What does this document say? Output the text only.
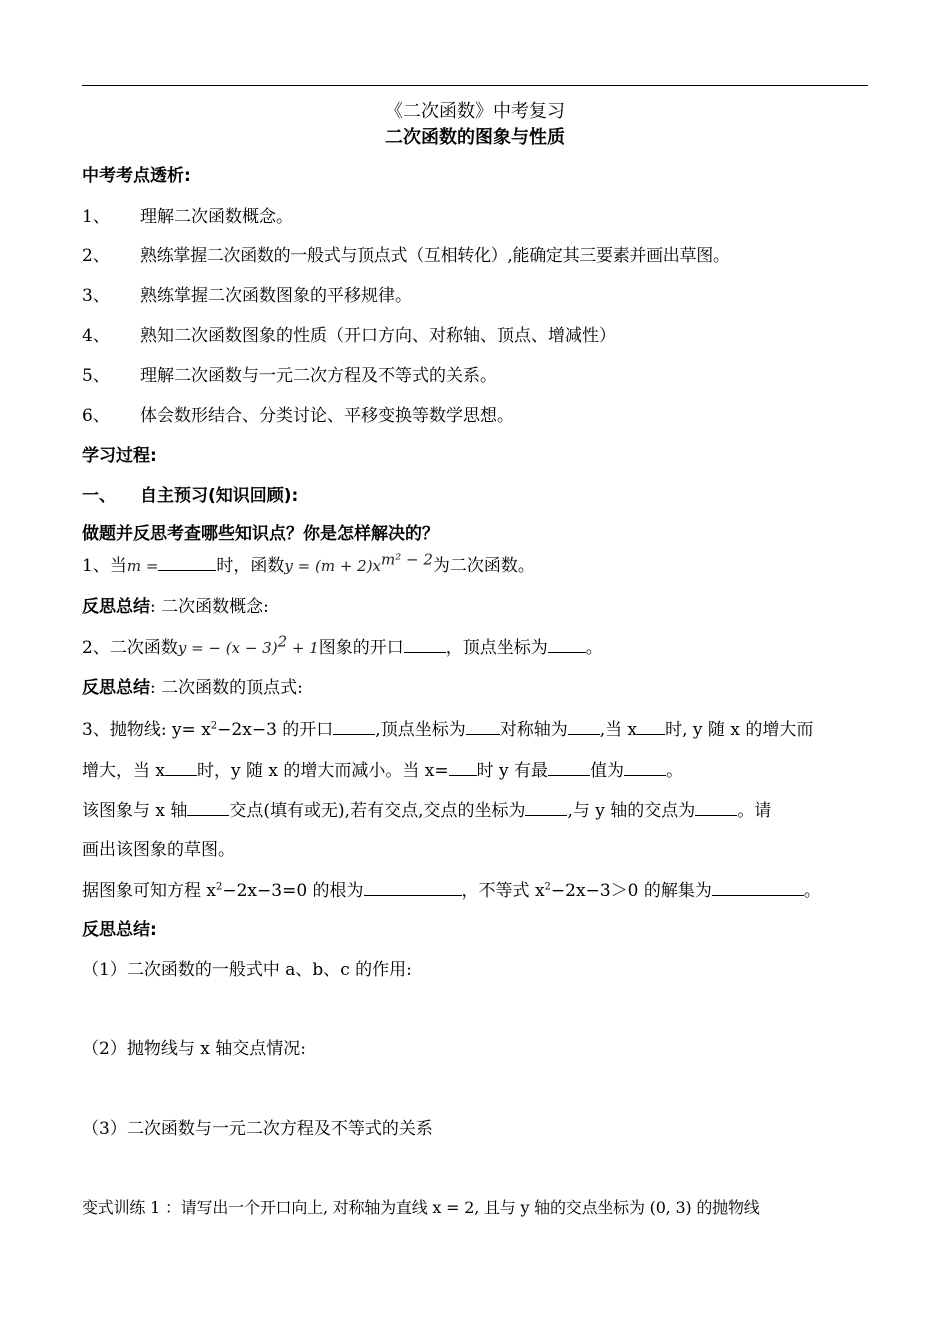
《二次函数》中考复习
二次函数的图象与性质
中考考点透析:
1、 理解二次函数概念。
2、 熟练掌握二次函数的一般式与顶点式（互相转化）,能确定其三要素并画出草图。
3、 熟练掌握二次函数图象的平移规律。
4、 熟知二次函数图象的性质（开口方向、对称轴、顶点、增减性）
5、 理解二次函数与一元二次方程及不等式的关系。
6、 体会数形结合、分类讨论、平移变换等数学思想。
学习过程:
一、 自主预习(知识回顾):
做题并反思考查哪些知识点？你是怎样解决的？
1、当m =	时，函数$y = (m + 2)x^{m^2 - 2}$为二次函数。
反思总结: 二次函数概念:
2、二次函数y = − $(x - 3)^2 + 1$图象的开口 ，顶点坐标为 。
反思总结: 二次函数的顶点式:
3、抛物线: $y= x^2-2x-3$ 的开口 ,顶点坐标为 对称轴为 ,当 x 时, y 随 x 的增大而
增大，当 x 时，y 随 x 的增大而减小。当 x= 时 y 有最 值为 。
该图象与 x 轴 交点(填有或无),若有交点,交点的坐标为 ,与 y 轴的交点为 。请
画出该图象的草图。
据图象可知方程 $x^2-2x-3=0$ 的根为	，不等式 $x^2-2x-3>0$ 的解集为	。
反思总结:
（1）二次函数的一般式中 a、b、c 的作用:
（2）抛物线与 x 轴交点情况:
（3）二次函数与一元二次方程及不等式的关系
变式训练 1 ：请写出一个开口向上, 对称轴为直线 x = 2, 且与 y 轴的交点坐标为 (0, 3) 的抛物线
